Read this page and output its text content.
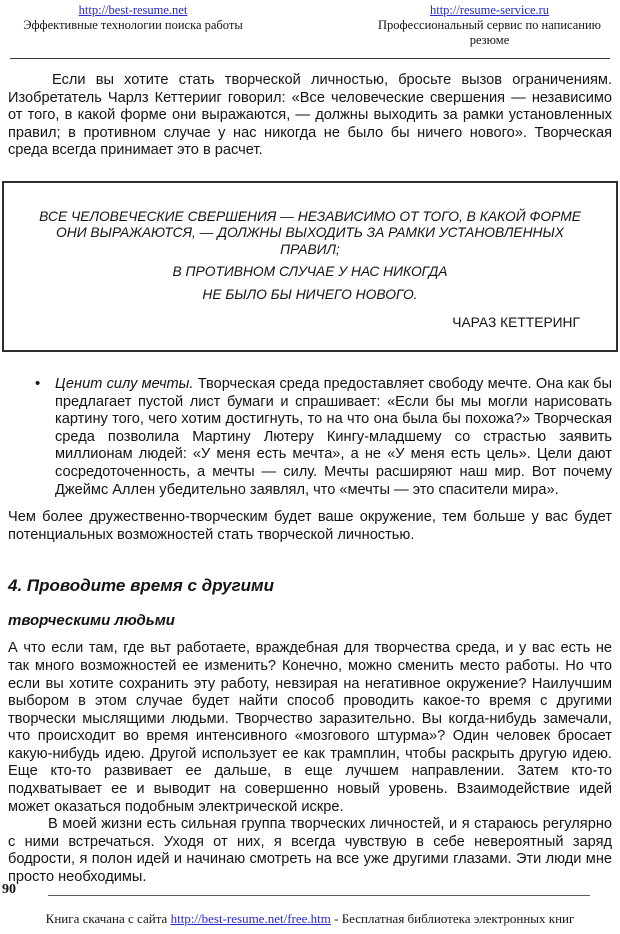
http://best-resume.net
Эффективные технологии поиска работы
http://resume-service.ru
Профессиональный сервис по написанию резюме

Если вы хотите стать творческой личностью, бросьте вызов ограничениям. Изобретатель Чарлз Кеттерииг говорил: «Все человеческие свершения — независимо от того, в какой форме они выражаются, — должны выходить за рамки установленных правил; в противном случае у нас никогда не было бы ничего нового». Творческая среда всегда принимает это в расчет.

ВСЕ ЧЕЛОВЕЧЕСКИЕ СВЕРШЕНИЯ — НЕЗАВИСИМО ОТ ТОГО, В КАКОЙ ФОРМЕ ОНИ ВЫРАЖАЮТСЯ, — ДОЛЖНЫ ВЫХОДИТЬ ЗА РАМКИ УСТАНОВЛЕННЫХ ПРАВИЛ;

В ПРОТИВНОМ СЛУЧАЕ У НАС НИКОГДА

НЕ БЫЛО БЫ НИЧЕГО НОВОГО.

ЧАРАЗ КЕТТЕРИНГ
• Ценит силу мечты. Творческая среда предоставляет свободу мечте. Она как бы предлагает пустой лист бумаги и спрашивает: «Если бы мы могли нарисовать картину того, чего хотим достигнуть, то на что она была бы похожа?» Творческая среда позволила Мартину Лютеру Кингу-младшему со страстью заявить миллионам людей: «У меня есть мечта», а не «У меня есть цель». Цели дают сосредоточенность, а мечты — силу. Мечты расширяют наш мир. Вот почему Джеймс Аллен убедительно заявлял, что «мечты — это спасители мира».

Чем более дружественно-творческим будет ваше окружение, тем больше у вас будет потенциальных возможностей стать творческой личностью.

4. Проводите время с другими
творческими людьми

А что если там, где вьт работаете, враждебная для творчества среда, и у вас есть не так много возможностей ее изменить? Конечно, можно сменить место работы. Но что если вы хотите сохранить эту работу, невзирая на негативное окружение? Наилучшим выбором в этом случае будет найти способ проводить какое-то время с другими творчески мыслящими людьми. Творчество заразительно. Вы когда-нибудь замечали, что происходит во время интенсивного «мозгового штурма»? Один человек бросает какую-нибудь идею. Другой использует ее как трамплин, чтобы раскрыть другую идею. Еще кто-то развивает ее дальше, в еще лучшем направлении. Затем кто-то подхватывает ее и выводит на совершенно новый уровень. Взаимодействие идей может оказаться подобным электрической искре.

В моей жизни есть сильная группа творческих личностей, и я стараюсь регулярно с ними встречаться. Уходя от них, я всегда чувствую в себе невероятный заряд бодрости, я полон идей и начинаю смотреть на все уже другими глазами. Эти люди мне просто необходимы.

90
Книга скачана с сайта http://best-resume.net/free.htm - Бесплатная библиотека электронных книг
